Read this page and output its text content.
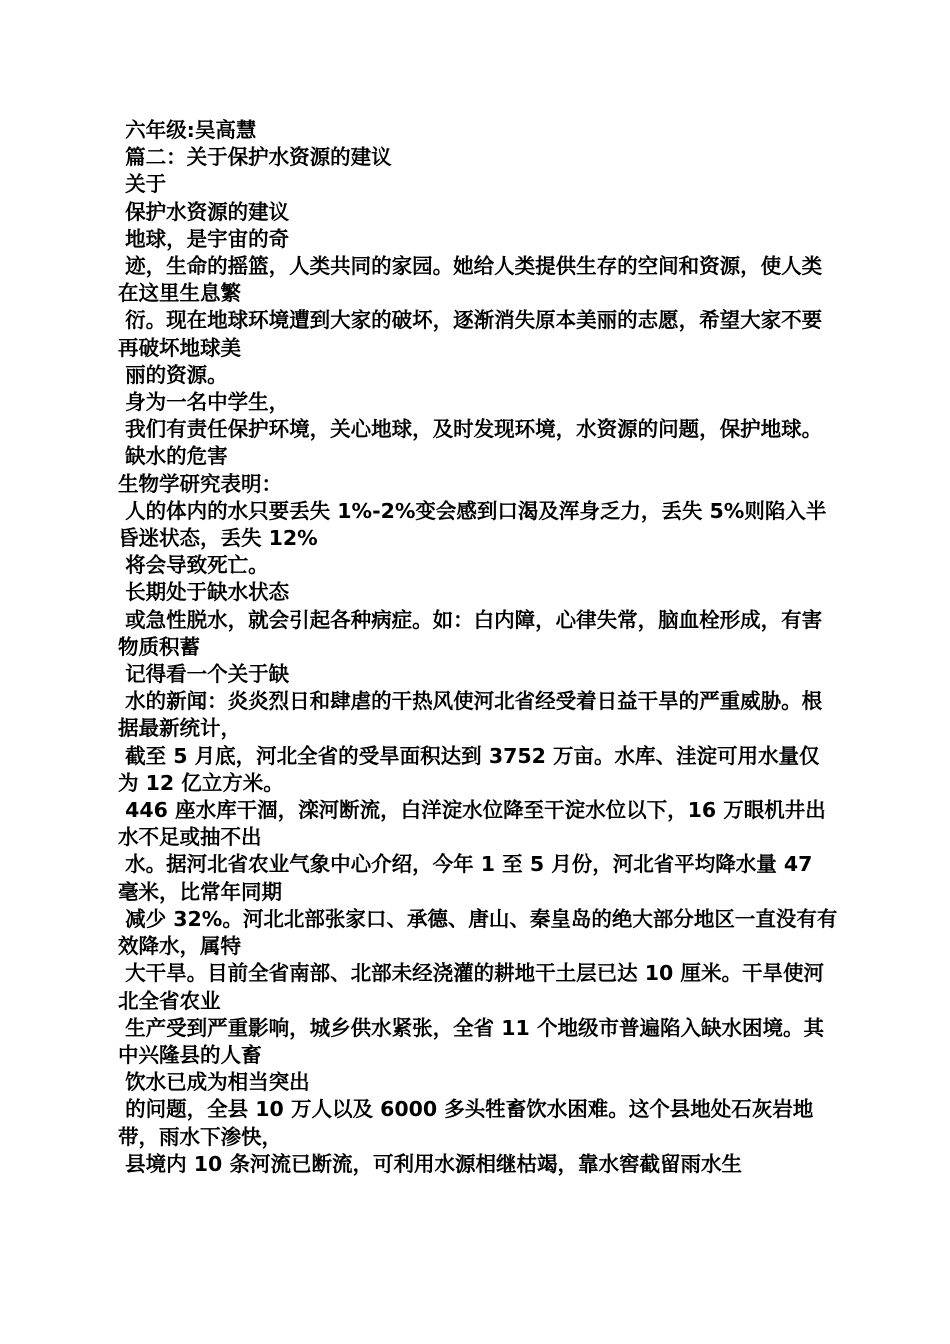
六年级:吴高慧
篇二：关于保护水资源的建议
关于
保护水资源的建议
地球，是宇宙的奇
迹，生命的摇篮，人类共同的家园。她给人类提供生存的空间和资源，使人类在这里生息繁
衍。现在地球环境遭到大家的破坏，逐渐消失原本美丽的志愿，希望大家不要再破坏地球美
丽的资源。
身为一名中学生，
我们有责任保护环境，关心地球，及时发现环境，水资源的问题，保护地球。
缺水的危害
生物学研究表明：
人的体内的水只要丢失 1%-2%变会感到口渴及浑身乏力，丢失 5%则陷入半昏迷状态，丢失 12%
将会导致死亡。
长期处于缺水状态
或急性脱水，就会引起各种病症。如：白内障，心律失常，脑血栓形成，有害物质积蓄
记得看一个关于缺
水的新闻：炎炎烈日和肆虐的干热风使河北省经受着日益干旱的严重威胁。根据最新统计，
截至 5 月底，河北全省的受旱面积达到 3752 万亩。水库、洼淀可用水量仅为 12 亿立方米。
446 座水库干涸，滦河断流，白洋淀水位降至干淀水位以下，16 万眼机井出水不足或抽不出
水。据河北省农业气象中心介绍，今年 1 至 5 月份，河北省平均降水量 47 毫米，比常年同期
减少 32%。河北北部张家口、承德、唐山、秦皇岛的绝大部分地区一直没有有效降水，属特
大干旱。目前全省南部、北部未经浇灌的耕地干土层已达 10 厘米。干旱使河北全省农业
生产受到严重影响，城乡供水紧张，全省 11 个地级市普遍陷入缺水困境。其中兴隆县的人畜
饮水已成为相当突出
的问题，全县 10 万人以及 6000 多头牲畜饮水困难。这个县地处石灰岩地带，雨水下渗快，
县境内 10 条河流已断流，可利用水源相继枯竭，靠水窖截留雨水生
